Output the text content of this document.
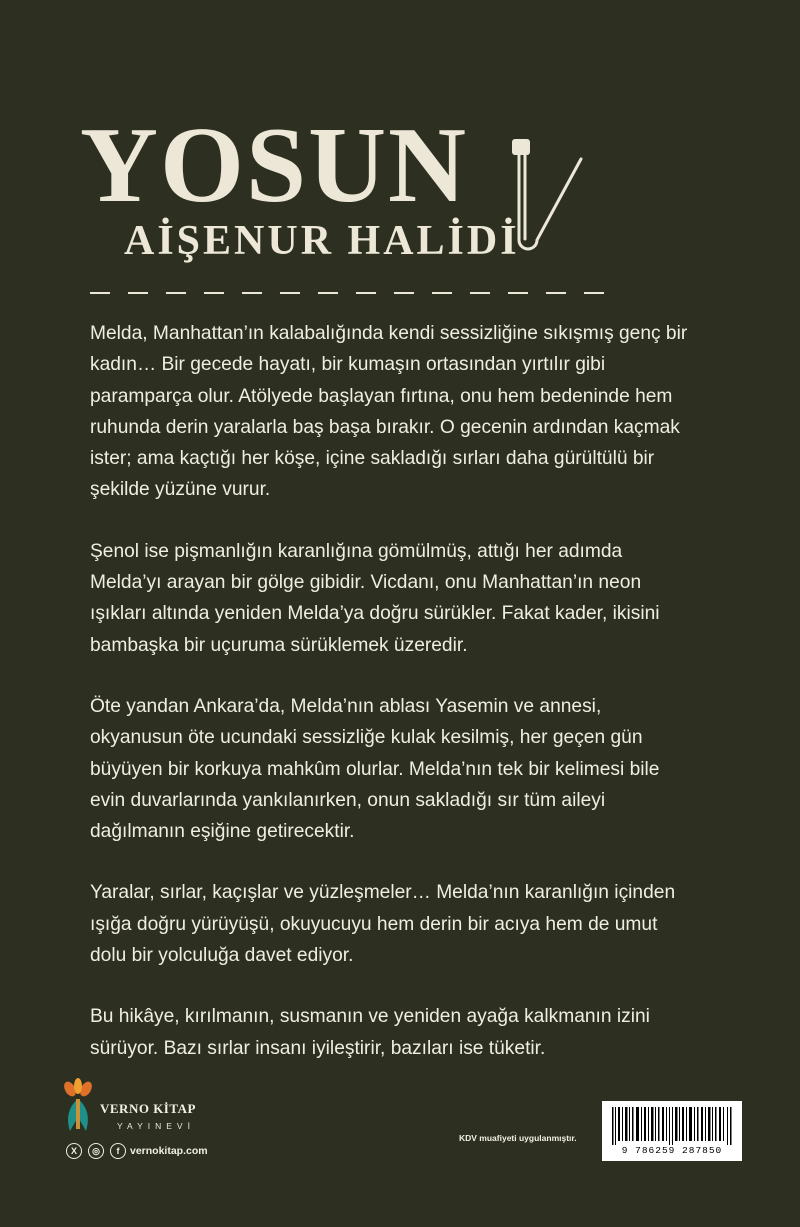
YOSUN
AİŞENUR HALİDİ

Melda, Manhattan’ın kalabalığında kendi sessizliğine sıkışmış genç bir kadın… Bir gecede hayatı, bir kumaşın ortasından yırtılır gibi paramparça olur. Atölyede başlayan fırtına, onu hem bedeninde hem ruhunda derin yaralarla baş başa bırakır. O gecenin ardından kaçmak ister; ama kaçtığı her köşe, içine sakladığı sırları daha gürültülü bir şekilde yüzüne vurur.

Şenol ise pişmanlığın karanlığına gömülmüş, attığı her adımda Melda’yı arayan bir gölge gibidir. Vicdanı, onu Manhattan’ın neon ışıkları altında yeniden Melda’ya doğru sürükler. Fakat kader, ikisini bambaşka bir uçuruma sürüklemek üzeredir.

Öte yandan Ankara’da, Melda’nın ablası Yasemin ve annesi, okyanusun öte ucundaki sessizliğe kulak kesilmiş, her geçen gün büyüyen bir korkuya mahkûm olurlar. Melda’nın tek bir kelimesi bile evin duvarlarında yankılanırken, onun sakladığı sır tüm aileyi dağılmanın eşiğine getirecektir.

Yaralar, sırlar, kaçışlar ve yüzleşmeler… Melda’nın karanlığın içinden ışığa doğru yürüyüşü, okuyucuyu hem derin bir acıya hem de umut dolu bir yolculuğa davet ediyor.

Bu hikâye, kırılmanın, susmanın ve yeniden ayağa kalkmanın izini sürüyor. Bazı sırlar insanı iyileştirir, bazıları ise tüketir.

VERNO KİTAP
YAYINEVİ
X	◎	f	vernokitap.com
KDV muafiyeti uygulanmıştır.
9 786259 287850
